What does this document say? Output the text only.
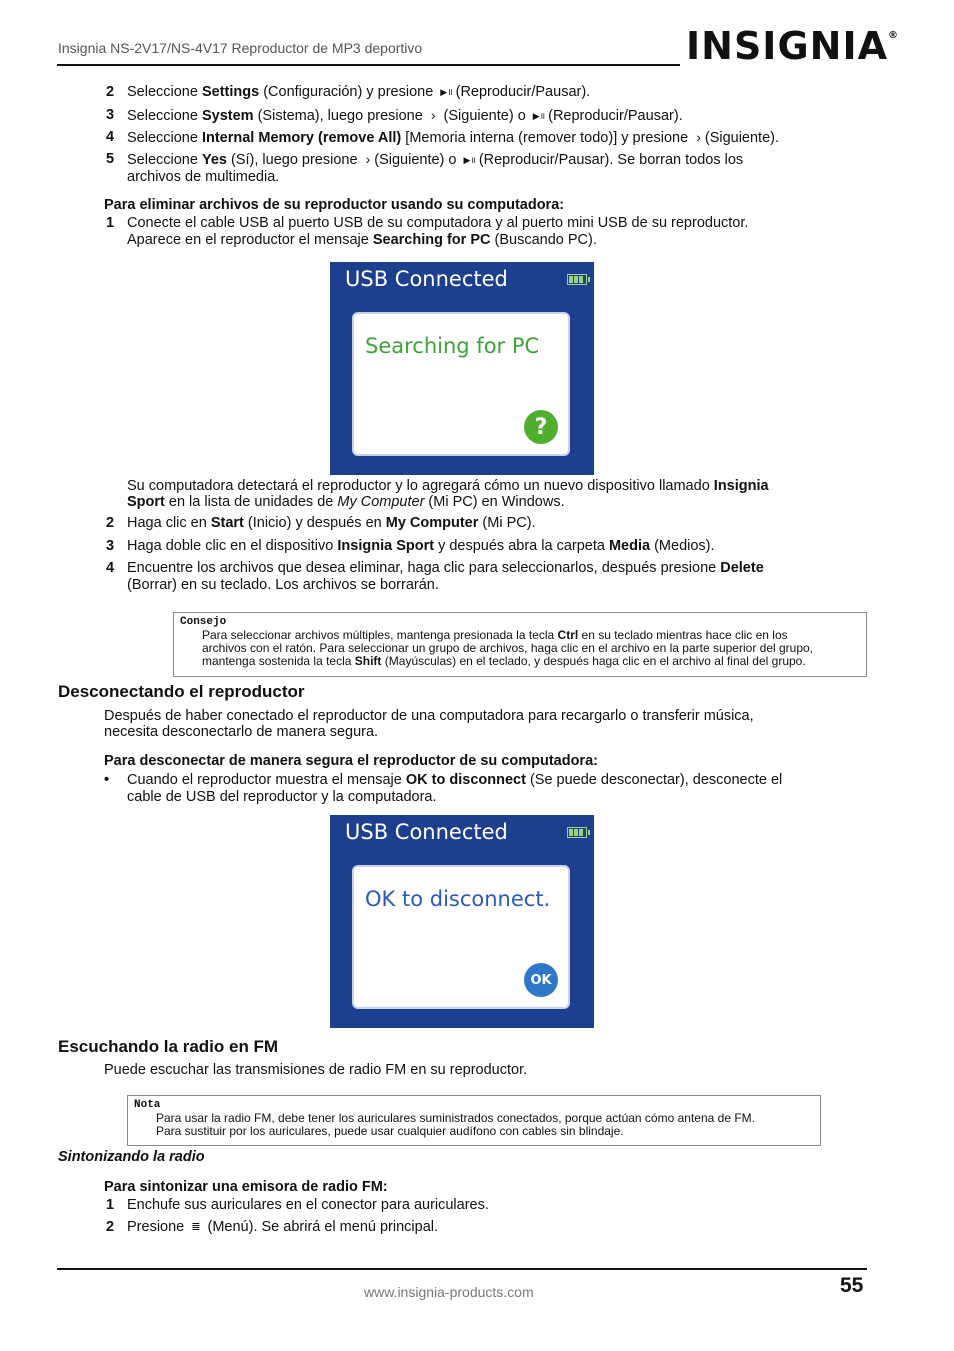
Insignia NS-2V17/NS-4V17 Reproductor de MP3 deportivo	INSIGNIA®
2 Seleccione Settings (Configuración) y presione ▶॥ (Reproducir/Pausar).
3 Seleccione System (Sistema), luego presione › (Siguiente) o ▶॥ (Reproducir/Pausar).
4 Seleccione Internal Memory (remove All) [Memoria interna (remover todo)] y presione › (Siguiente).
5 Seleccione Yes (Sí), luego presione › (Siguiente) o ▶॥ (Reproducir/Pausar). Se borran todos los
archivos de multimedia.
Para eliminar archivos de su reproductor usando su computadora:
1 Conecte el cable USB al puerto USB de su computadora y al puerto mini USB de su reproductor.
Aparece en el reproductor el mensaje Searching for PC (Buscando PC).
USB Connected
Searching for PC
?
Su computadora detectará el reproductor y lo agregará cómo un nuevo dispositivo llamado Insignia
Sport en la lista de unidades de My Computer (Mi PC) en Windows.
2 Haga clic en Start (Inicio) y después en My Computer (Mi PC).
3 Haga doble clic en el dispositivo Insignia Sport y después abra la carpeta Media (Medios).
4 Encuentre los archivos que desea eliminar, haga clic para seleccionarlos, después presione Delete
(Borrar) en su teclado. Los archivos se borrarán.
Consejo
Para seleccionar archivos múltiples, mantenga presionada la tecla Ctrl en su teclado mientras hace clic en los
archivos con el ratón. Para seleccionar un grupo de archivos, haga clic en el archivo en la parte superior del grupo,
mantenga sostenida la tecla Shift (Mayúsculas) en el teclado, y después haga clic en el archivo al final del grupo.
Desconectando el reproductor
Después de haber conectado el reproductor de una computadora para recargarlo o transferir música,
necesita desconectarlo de manera segura.
Para desconectar de manera segura el reproductor de su computadora:
• Cuando el reproductor muestra el mensaje OK to disconnect (Se puede desconectar), desconecte el
cable de USB del reproductor y la computadora.
USB Connected
OK to disconnect.
OK
Escuchando la radio en FM
Puede escuchar las transmisiones de radio FM en su reproductor.
Nota
Para usar la radio FM, debe tener los auriculares suministrados conectados, porque actúan cómo antena de FM.
Para sustituir por los auriculares, puede usar cualquier audífono con cables sin blindaje.
Sintonizando la radio
Para sintonizar una emisora de radio FM:
1 Enchufe sus auriculares en el conector para auriculares.
2 Presione ≣ (Menú). Se abrirá el menú principal.
www.insignia-products.com	55
